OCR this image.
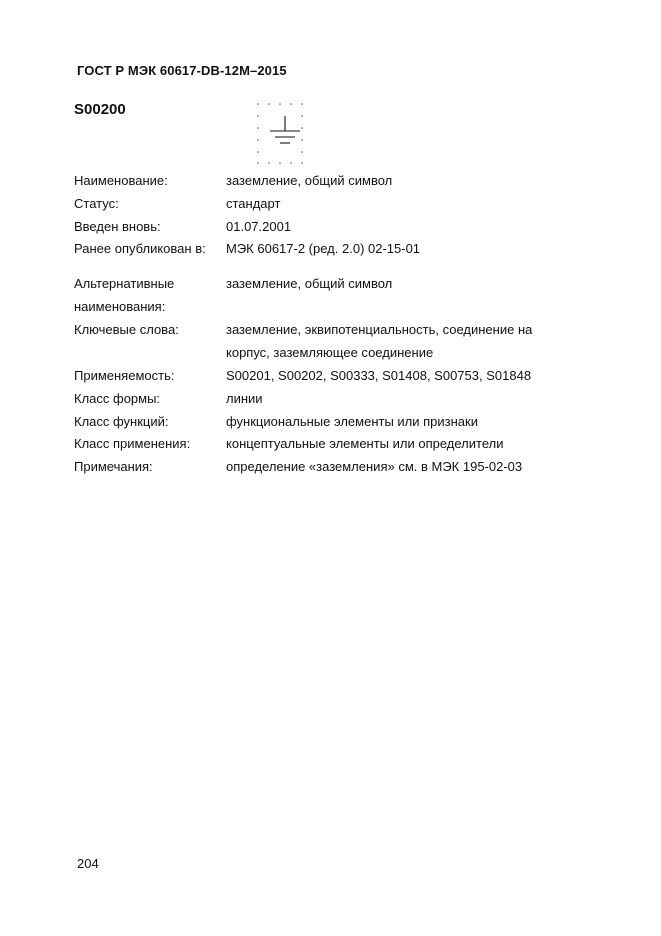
ГОСТ Р МЭК 60617-DB-12M–2015
S00200
Наименование:	заземление, общий символ
Статус:	стандарт
Введен вновь:	01.07.2001
Ранее опубликован в:	МЭК 60617-2 (ред. 2.0) 02-15-01
Альтернативные
наименования:
заземление, общий символ
Ключевые слова:	заземление, эквипотенциальность, соединение на
корпус, заземляющее соединение
Применяемость:	S00201, S00202, S00333, S01408, S00753, S01848
Класс формы:	линии
Класс функций:	функциональные элементы или признаки
Класс применения:	концептуальные элементы или определители
Примечания:	определение «заземления» см. в МЭК 195-02-03
204
